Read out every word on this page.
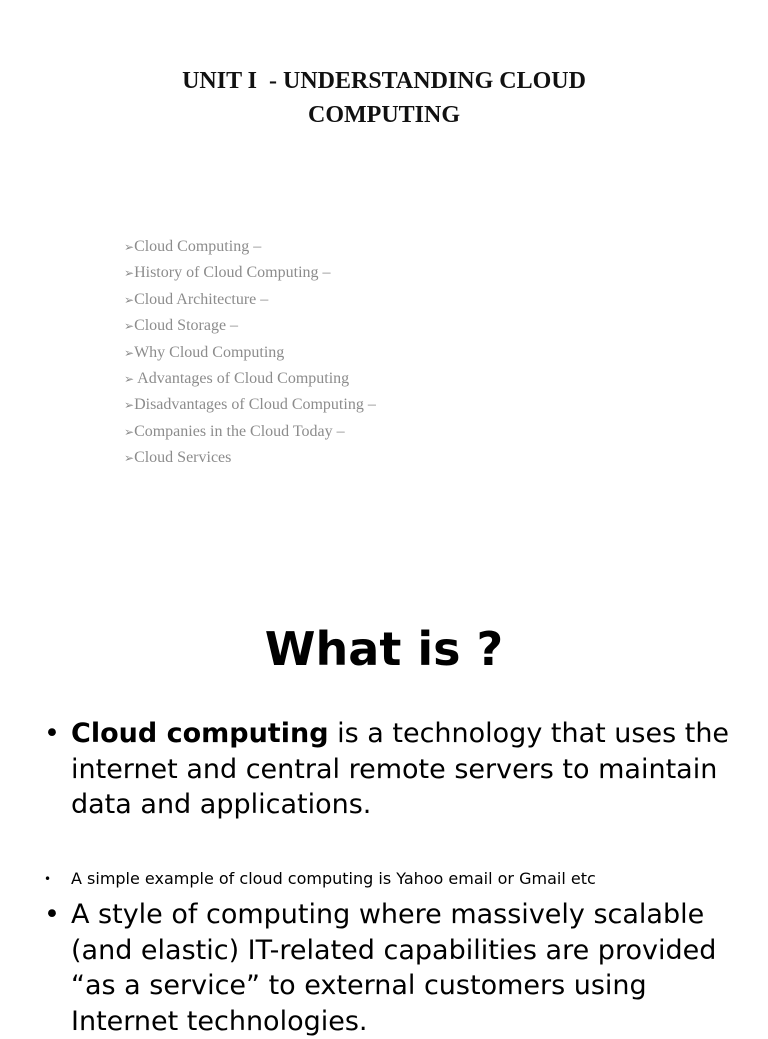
UNIT I  - UNDERSTANDING CLOUD
COMPUTING
➢Cloud Computing –
➢History of Cloud Computing –
➢Cloud Architecture –
➢Cloud Storage –
➢Why Cloud Computing
➢ Advantages of Cloud Computing
➢Disadvantages of Cloud Computing –
➢Companies in the Cloud Today –
➢Cloud Services
What is ?
• Cloud computing is a technology that uses the internet and central remote servers to maintain data and applications.
• A simple example of cloud computing is Yahoo email or Gmail etc
• A style of computing where massively scalable (and elastic) IT-related capabilities are provided “as a service” to external customers using Internet technologies.
